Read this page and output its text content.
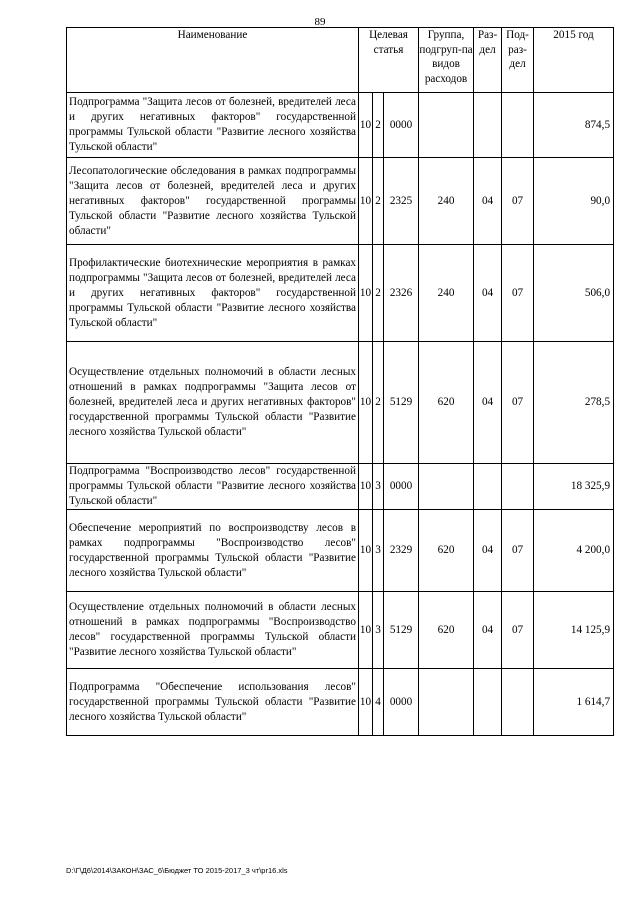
89
Наименование	Целевая статья			Группа, подгруп-па видов расходов	Раз-дел	Под-раз-дел	2015 год
Подпрограмма "Защита лесов от болезней, вредителей леса и других негативных факторов" государственной программы Тульской области "Развитие лесного хозяйства Тульской области"	10	2	0000				874,5
Лесопатологические обследования в рамках подпрограммы "Защита лесов от болезней, вредителей леса и других негативных факторов" государственной программы Тульской области "Развитие лесного хозяйства Тульской области"	10	2	2325	240	04	07	90,0
Профилактические биотехнические мероприятия в рамках подпрограммы "Защита лесов от болезней, вредителей леса и других негативных факторов" государственной программы Тульской области "Развитие лесного хозяйства Тульской области"	10	2	2326	240	04	07	506,0
Осуществление отдельных полномочий в области лесных отношений в рамках подпрограммы "Защита лесов от болезней, вредителей леса и других негативных факторов" государственной программы Тульской области "Развитие лесного хозяйства Тульской области"	10	2	5129	620	04	07	278,5
Подпрограмма "Воспроизводство лесов" государственной программы Тульской области "Развитие лесного хозяйства Тульской области"	10	3	0000				18 325,9
Обеспечение мероприятий по воспроизводству лесов в рамках подпрограммы "Воспроизводство лесов" государственной программы Тульской области "Развитие лесного хозяйства Тульской области"	10	3	2329	620	04	07	4 200,0
Осуществление отдельных полномочий в области лесных отношений в рамках подпрограммы "Воспроизводство лесов" государственной программы Тульской области "Развитие лесного хозяйства Тульской области"	10	3	5129	620	04	07	14 125,9
Подпрограмма "Обеспечение использования лесов" государственной программы Тульской области "Развитие лесного хозяйства Тульской области"	10	4	0000				1 614,7
D:\Г\Д6\2014\ЗАКОН\ЗАС_6\Бюджет ТО 2015-2017_3 чт\pr16.xls
